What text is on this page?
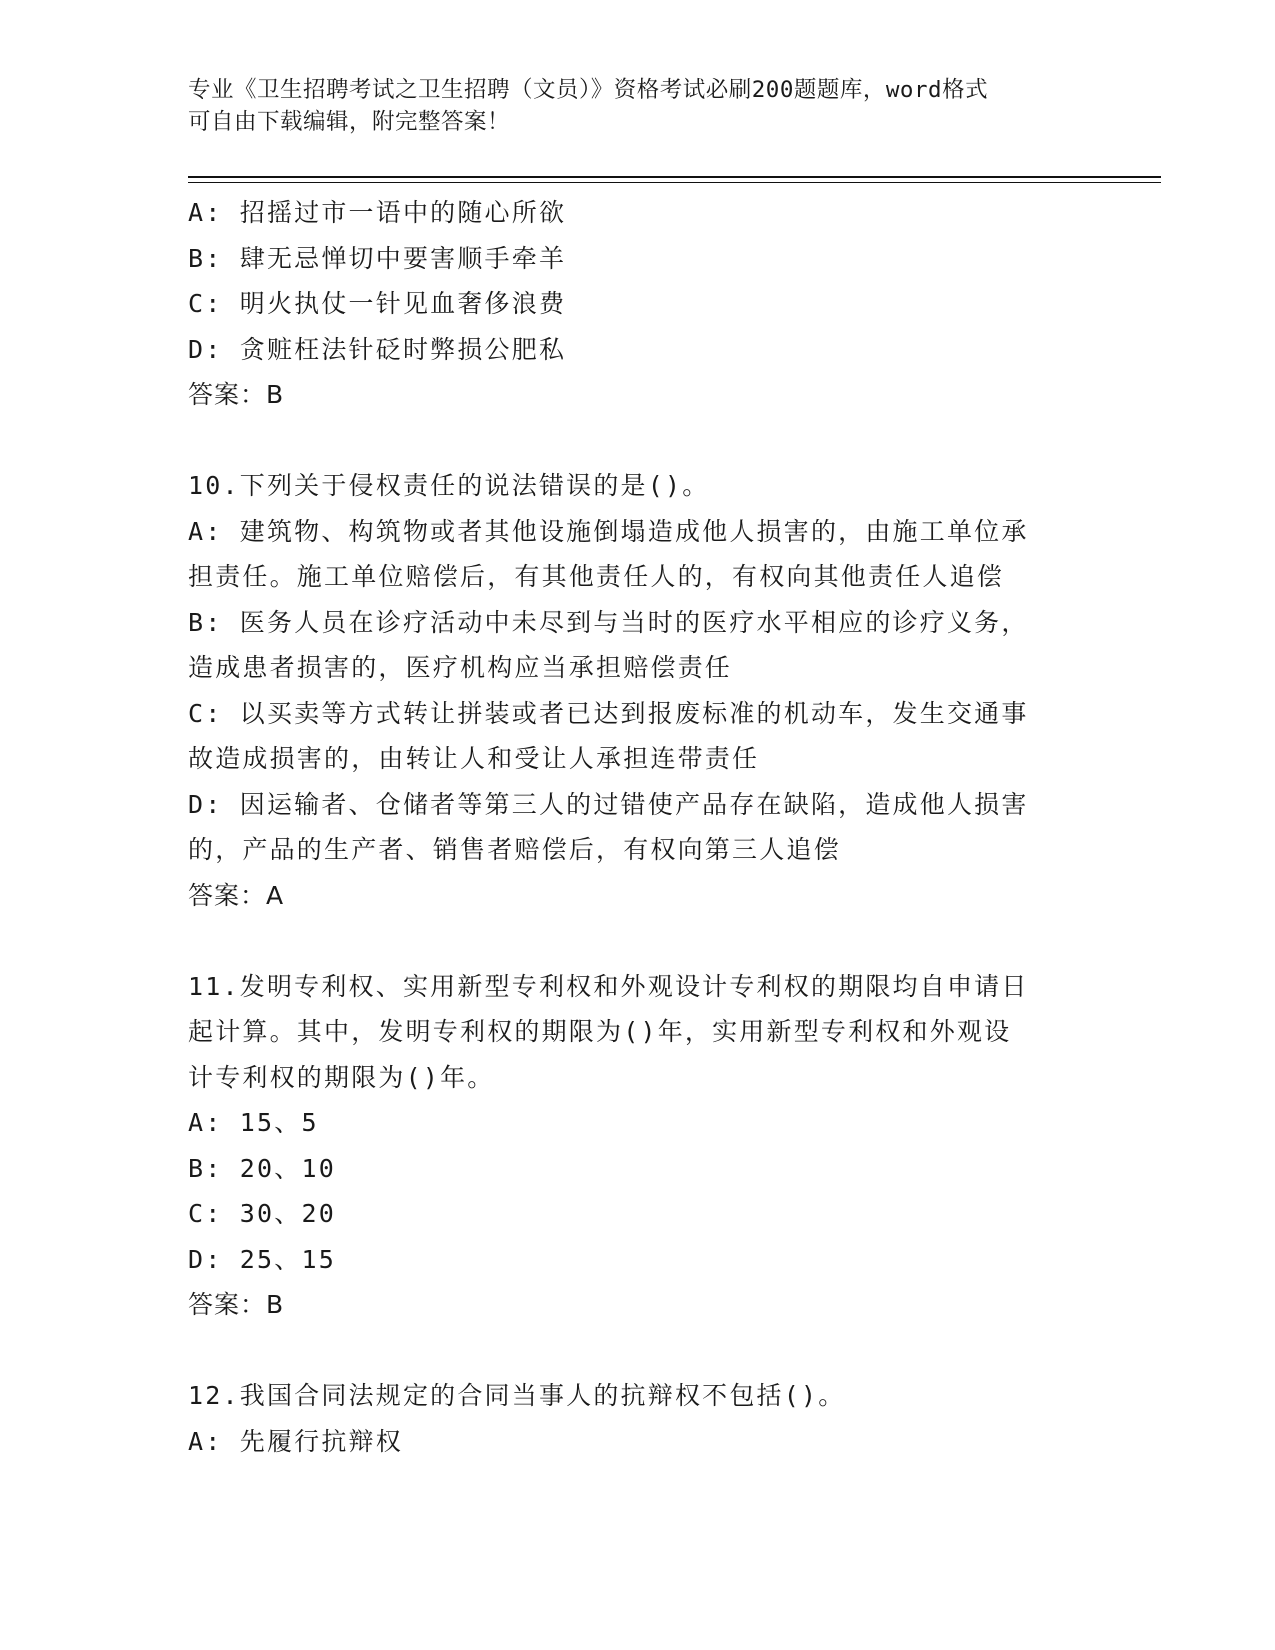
专业《卫生招聘考试之卫生招聘（文员）》资格考试必刷200题题库，word格式
可自由下载编辑，附完整答案！
A: 招摇过市一语中的随心所欲
B: 肆无忌惮切中要害顺手牵羊
C: 明火执仗一针见血奢侈浪费
D: 贪赃枉法针砭时弊损公肥私
答案：B
10.下列关于侵权责任的说法错误的是()。
A: 建筑物、构筑物或者其他设施倒塌造成他人损害的，由施工单位承
担责任。施工单位赔偿后，有其他责任人的，有权向其他责任人追偿
B: 医务人员在诊疗活动中未尽到与当时的医疗水平相应的诊疗义务，
造成患者损害的，医疗机构应当承担赔偿责任
C: 以买卖等方式转让拼装或者已达到报废标准的机动车，发生交通事
故造成损害的，由转让人和受让人承担连带责任
D: 因运输者、仓储者等第三人的过错使产品存在缺陷，造成他人损害
的，产品的生产者、销售者赔偿后，有权向第三人追偿
答案：A
11.发明专利权、实用新型专利权和外观设计专利权的期限均自申请日
起计算。其中，发明专利权的期限为()年，实用新型专利权和外观设
计专利权的期限为()年。
A: 15、5
B: 20、10
C: 30、20
D: 25、15
答案：B
12.我国合同法规定的合同当事人的抗辩权不包括()。
A: 先履行抗辩权
